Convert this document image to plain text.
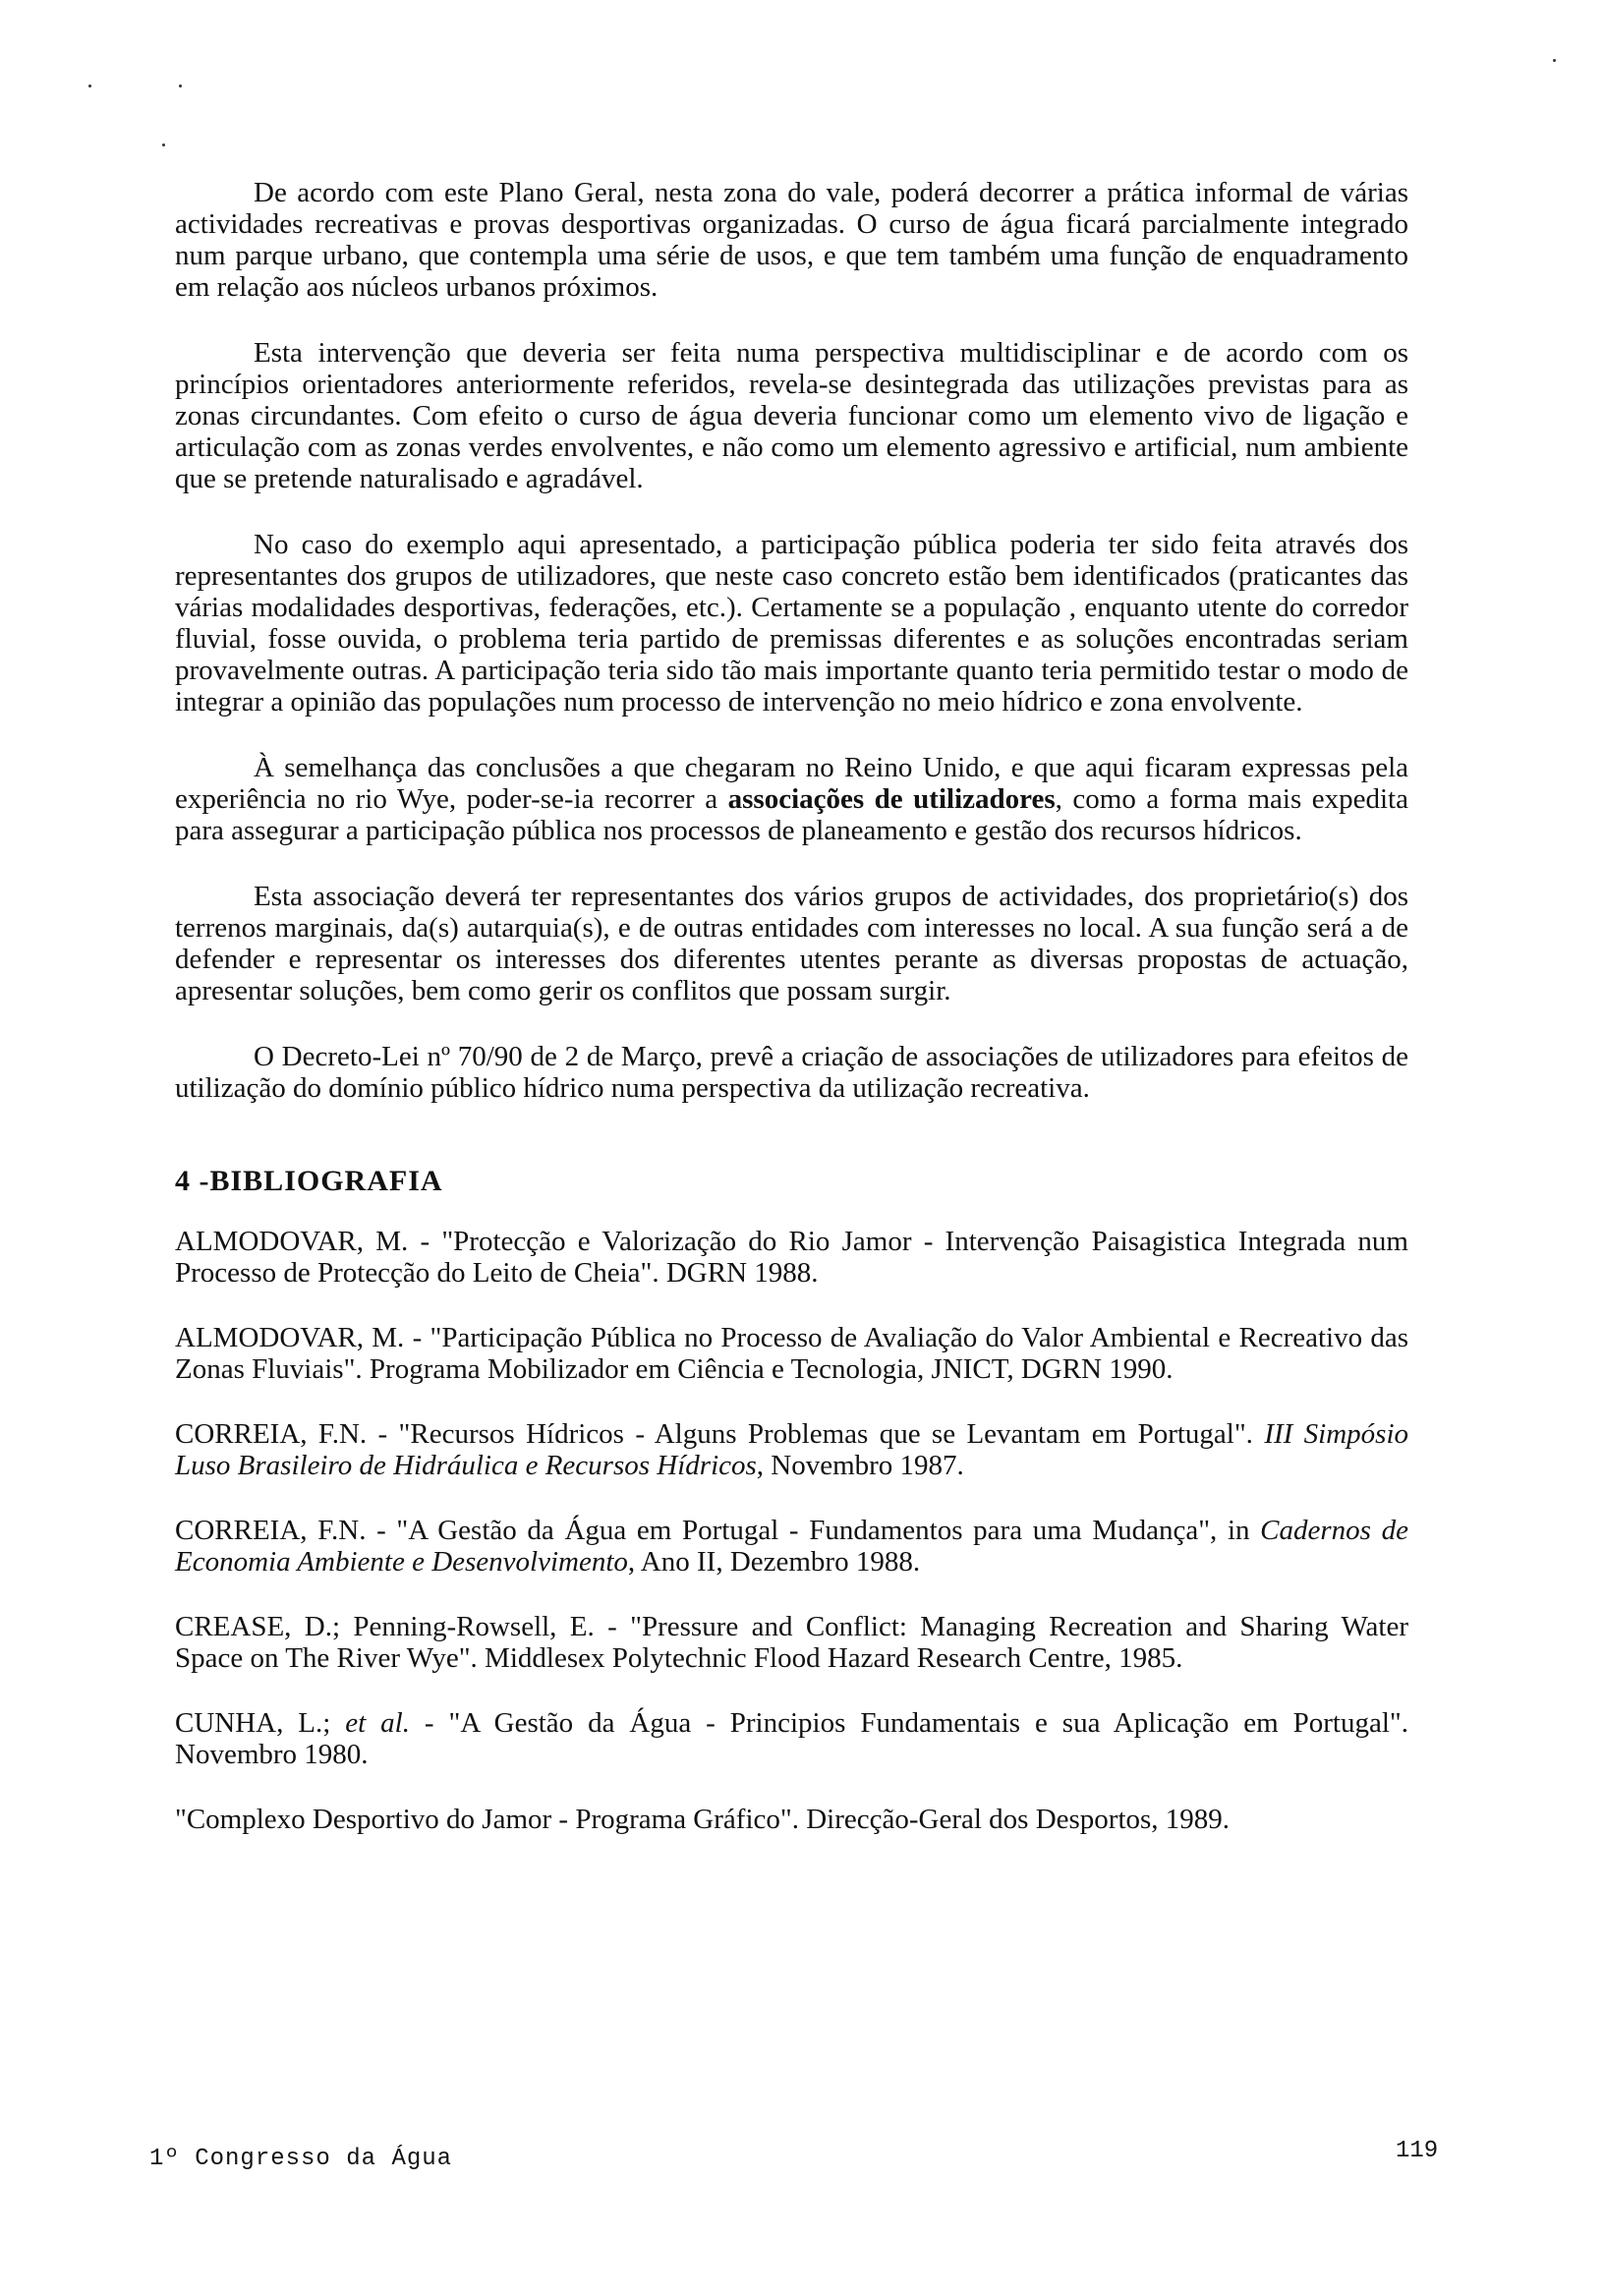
De acordo com este Plano Geral, nesta zona do vale, poderá decorrer a prática informal de várias actividades recreativas e provas desportivas organizadas. O curso de água ficará parcialmente integrado num parque urbano, que contempla uma série de usos, e que tem também uma função de enquadramento em relação aos núcleos urbanos próximos.

Esta intervenção que deveria ser feita numa perspectiva multidisciplinar e de acordo com os princípios orientadores anteriormente referidos, revela-se desintegrada das utilizações previstas para as zonas circundantes. Com efeito o curso de água deveria funcionar como um elemento vivo de ligação e articulação com as zonas verdes envolventes, e não como um elemento agressivo e artificial, num ambiente que se pretende naturalisado e agradável.

No caso do exemplo aqui apresentado, a participação pública poderia ter sido feita através dos representantes dos grupos de utilizadores, que neste caso concreto estão bem identificados (praticantes das várias modalidades desportivas, federações, etc.). Certamente se a população , enquanto utente do corredor fluvial, fosse ouvida, o problema teria partido de premissas diferentes e as soluções encontradas seriam provavelmente outras. A participação teria sido tão mais importante quanto teria permitido testar o modo de integrar a opinião das populações num processo de intervenção no meio hídrico e zona envolvente.

À semelhança das conclusões a que chegaram no Reino Unido, e que aqui ficaram expressas pela experiência no rio Wye, poder-se-ia recorrer a associações de utilizadores, como a forma mais expedita para assegurar a participação pública nos processos de planeamento e gestão dos recursos hídricos.

Esta associação deverá ter representantes dos vários grupos de actividades, dos proprietário(s) dos terrenos marginais, da(s) autarquia(s), e de outras entidades com interesses no local. A sua função será a de defender e representar os interesses dos diferentes utentes perante as diversas propostas de actuação, apresentar soluções, bem como gerir os conflitos que possam surgir.

O Decreto-Lei nº 70/90 de 2 de Março, prevê a criação de associações de utilizadores para efeitos de utilização do domínio público hídrico numa perspectiva da utilização recreativa.

4 -BIBLIOGRAFIA

ALMODOVAR, M. - "Protecção e Valorização do Rio Jamor - Intervenção Paisagistica Integrada num Processo de Protecção do Leito de Cheia". DGRN 1988.

ALMODOVAR, M. - "Participação Pública no Processo de Avaliação do Valor Ambiental e Recreativo das Zonas Fluviais". Programa Mobilizador em Ciência e Tecnologia, JNICT, DGRN 1990.

CORREIA, F.N. - "Recursos Hídricos - Alguns Problemas que se Levantam em Portugal". III Simpósio Luso Brasileiro de Hidráulica e Recursos Hídricos, Novembro 1987.

CORREIA, F.N. - "A Gestão da Água em Portugal - Fundamentos para uma Mudança", in Cadernos de Economia Ambiente e Desenvolvimento, Ano II, Dezembro 1988.

CREASE, D.; Penning-Rowsell, E. - "Pressure and Conflict: Managing Recreation and Sharing Water Space on The River Wye". Middlesex Polytechnic Flood Hazard Research Centre, 1985.

CUNHA, L.; et al. - "A Gestão da Água - Principios Fundamentais e sua Aplicação em Portugal". Novembro 1980.

"Complexo Desportivo do Jamor - Programa Gráfico". Direcção-Geral dos Desportos, 1989.

1º Congresso da Água	119
